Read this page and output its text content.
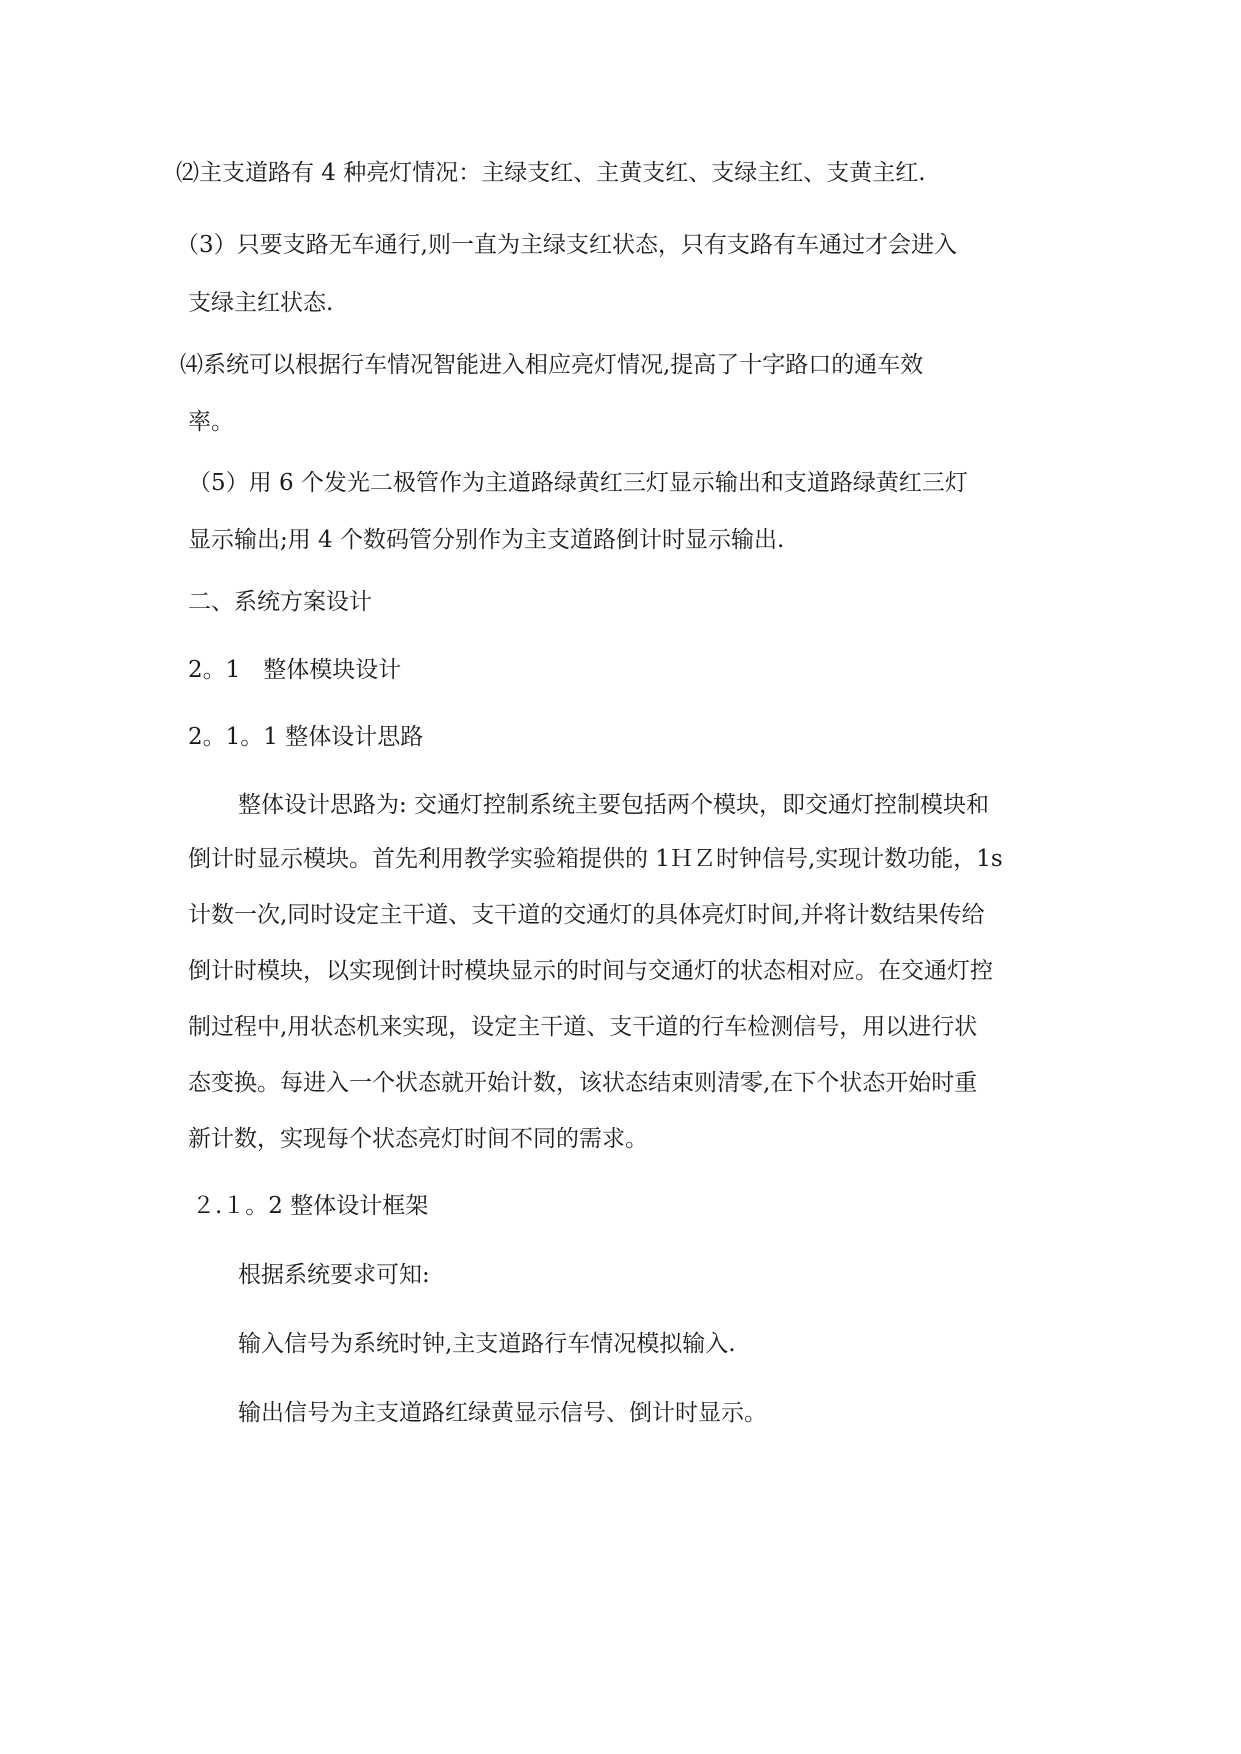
⑵主支道路有 4 种亮灯情况：主绿支红、主黄支红、支绿主红、支黄主红.
（3）只要支路无车通行,则一直为主绿支红状态，只有支路有车通过才会进入
支绿主红状态.
⑷系统可以根据行车情况智能进入相应亮灯情况,提高了十字路口的通车效
率。
（5）用 6 个发光二极管作为主道路绿黄红三灯显示输出和支道路绿黄红三灯
显示输出;用 4 个数码管分别作为主支道路倒计时显示输出.
二、系统方案设计
2。1　整体模块设计
2。1。1 整体设计思路
整体设计思路为: 交通灯控制系统主要包括两个模块，即交通灯控制模块和
倒计时显示模块。首先利用教学实验箱提供的 1ＨＺ时钟信号,实现计数功能，1s
计数一次,同时设定主干道、支干道的交通灯的具体亮灯时间,并将计数结果传给
倒计时模块，以实现倒计时模块显示的时间与交通灯的状态相对应。在交通灯控
制过程中,用状态机来实现，设定主干道、支干道的行车检测信号，用以进行状
态变换。每进入一个状态就开始计数，该状态结束则清零,在下个状态开始时重
新计数，实现每个状态亮灯时间不同的需求。
２.１。2 整体设计框架
根据系统要求可知:
输入信号为系统时钟,主支道路行车情况模拟输入.
输出信号为主支道路红绿黄显示信号、倒计时显示。
